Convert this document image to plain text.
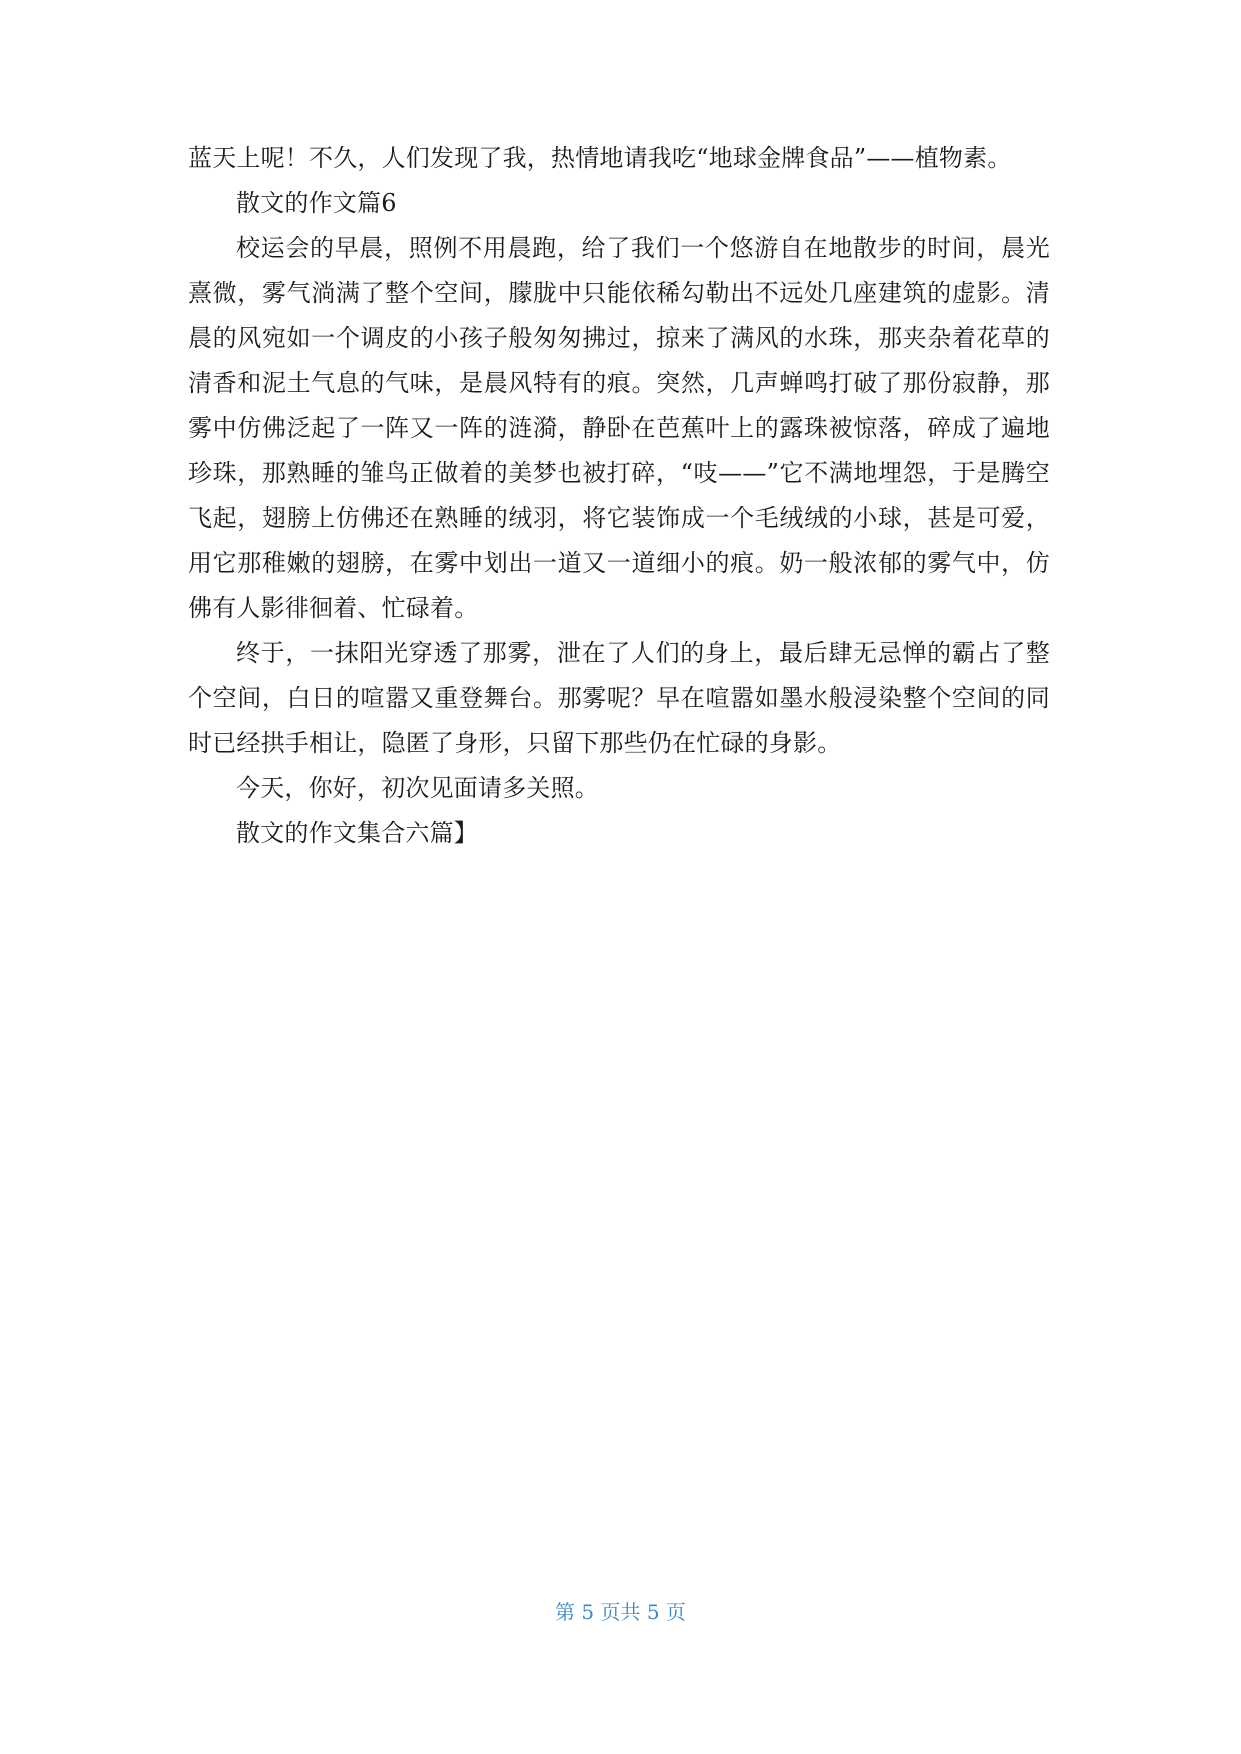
蓝天上呢！不久，人们发现了我，热情地请我吃“地球金牌食品”——植物素。

散文的作文篇6

校运会的早晨，照例不用晨跑，给了我们一个悠游自在地散步的时间，晨光熹微，雾气淌满了整个空间，朦胧中只能依稀勾勒出不远处几座建筑的虚影。清晨的风宛如一个调皮的小孩子般匆匆拂过，掠来了满风的水珠，那夹杂着花草的清香和泥土气息的气味，是晨风特有的痕。突然，几声蝉鸣打破了那份寂静，那雾中仿佛泛起了一阵又一阵的涟漪，静卧在芭蕉叶上的露珠被惊落，碎成了遍地珍珠，那熟睡的雏鸟正做着的美梦也被打碎，“吱——”它不满地埋怨，于是腾空飞起，翅膀上仿佛还在熟睡的绒羽，将它装饰成一个毛绒绒的小球，甚是可爱，用它那稚嫩的翅膀，在雾中划出一道又一道细小的痕。奶一般浓郁的雾气中，仿佛有人影徘徊着、忙碌着。

终于，一抹阳光穿透了那雾，泄在了人们的身上，最后肆无忌惮的霸占了整个空间，白日的喧嚣又重登舞台。那雾呢？早在喧嚣如墨水般浸染整个空间的同时已经拱手相让，隐匿了身形，只留下那些仍在忙碌的身影。

今天，你好，初次见面请多关照。

散文的作文集合六篇】

第 5 页共 5 页
